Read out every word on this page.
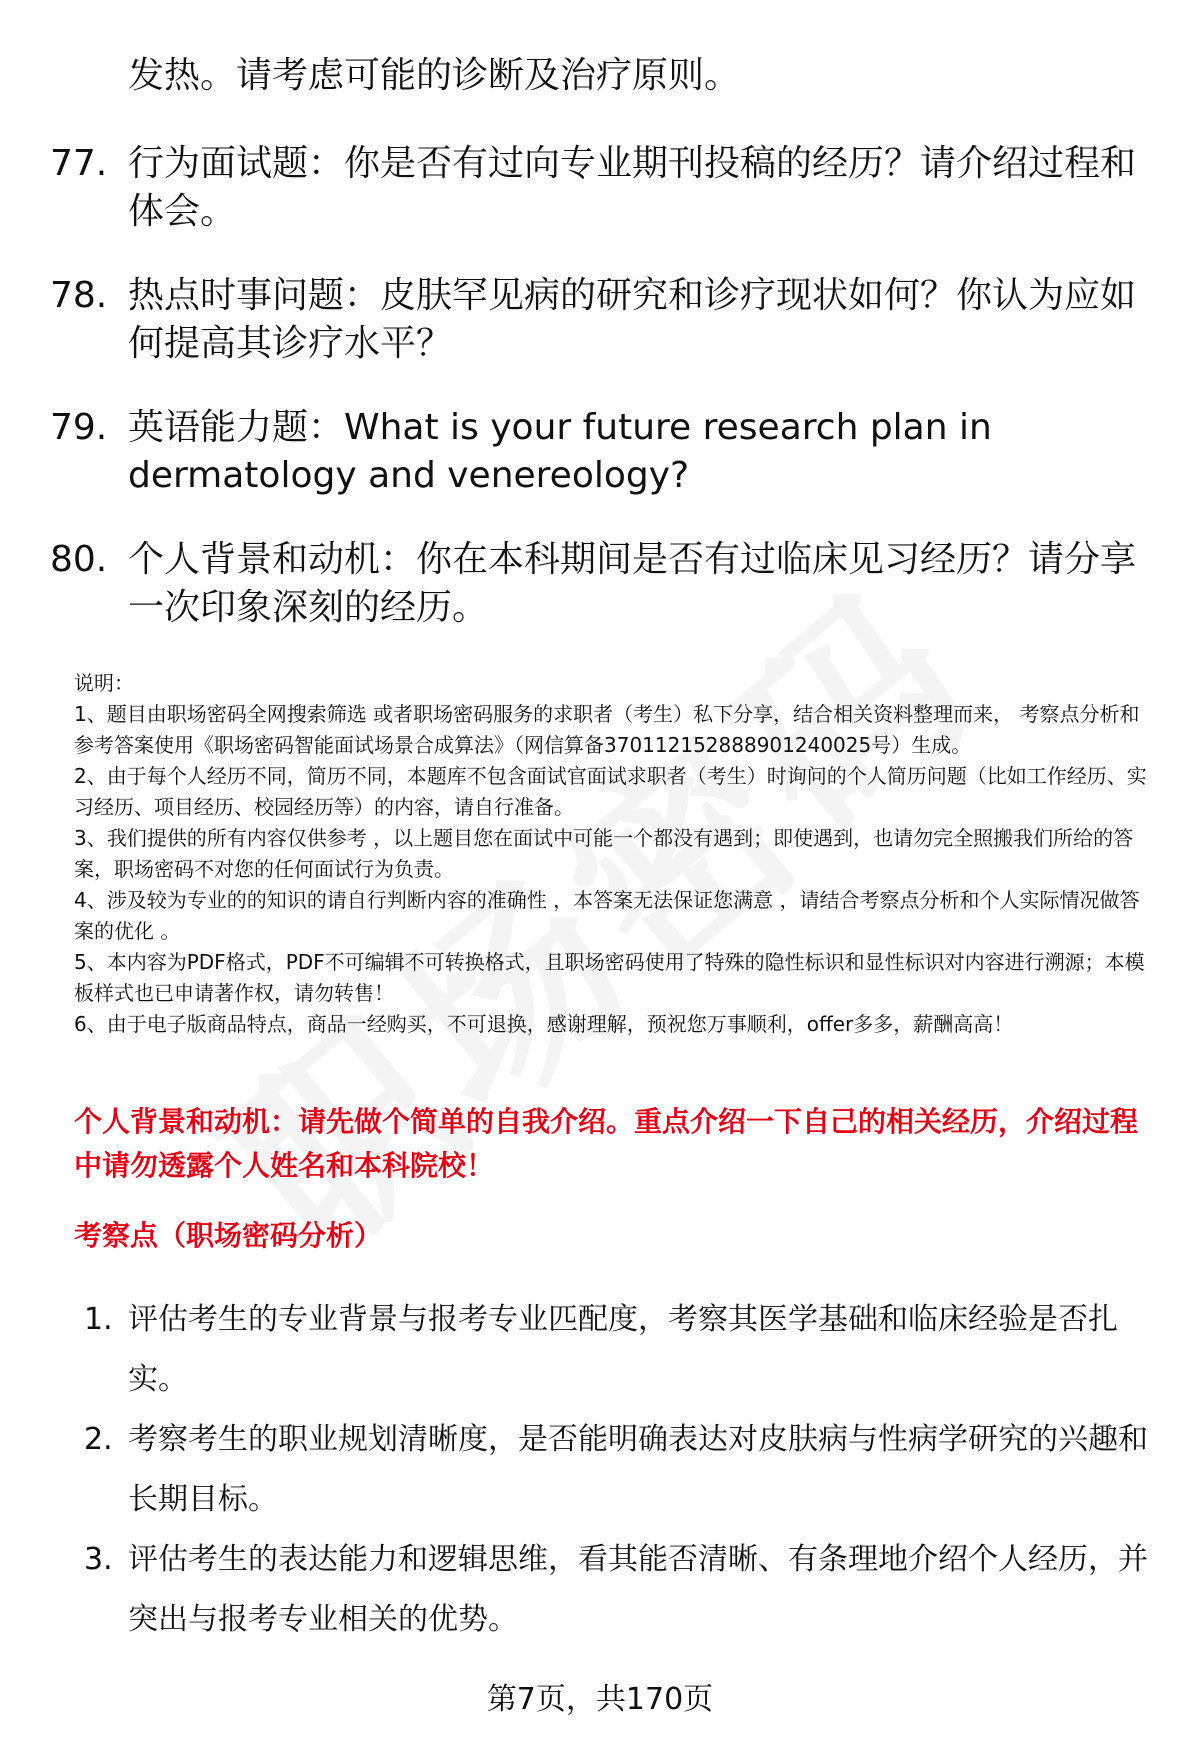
发热。请考虑可能的诊断及治疗原则。
77. 行为面试题：你是否有过向专业期刊投稿的经历？请介绍过程和体会。
78. 热点时事问题：皮肤罕见病的研究和诊疗现状如何？你认为应如何提高其诊疗水平？
79. 英语能力题：What is your future research plan in dermatology and venereology?
80. 个人背景和动机：你在本科期间是否有过临床见习经历？请分享一次印象深刻的经历。

说明：

1、题目由职场密码全网搜索筛选 或者职场密码服务的求职者（考生）私下分享，结合相关资料整理而来， 考察点分析和参考答案使用《职场密码智能面试场景合成算法》（网信算备370112152888901240025号）生成。

2、由于每个人经历不同，简历不同，本题库不包含面试官面试求职者（考生）时询问的个人简历问题（比如工作经历、实习经历、项目经历、校园经历等）的内容，请自行准备。

3、我们提供的所有内容仅供参考 ，以上题目您在面试中可能一个都没有遇到；即使遇到，也请勿完全照搬我们所给的答案，职场密码不对您的任何面试行为负责。

4、涉及较为专业的的知识的请自行判断内容的准确性 ，本答案无法保证您满意 ，请结合考察点分析和个人实际情况做答案的优化 。

5、本内容为PDF格式，PDF不可编辑不可转换格式，且职场密码使用了特殊的隐性标识和显性标识对内容进行溯源；本模板样式也已申请著作权，请勿转售！

6、由于电子版商品特点，商品一经购买，不可退换，感谢理解，预祝您万事顺利，offer多多，薪酬高高！

个人背景和动机：请先做个简单的自我介绍。重点介绍一下自己的相关经历，介绍过程中请勿透露个人姓名和本科院校！
考察点（职场密码分析）
1. 评估考生的专业背景与报考专业匹配度，考察其医学基础和临床经验是否扎实。
2. 考察考生的职业规划清晰度，是否能明确表达对皮肤病与性病学研究的兴趣和长期目标。
3. 评估考生的表达能力和逻辑思维，看其能否清晰、有条理地介绍个人经历，并突出与报考专业相关的优势。
第7页，共170页
